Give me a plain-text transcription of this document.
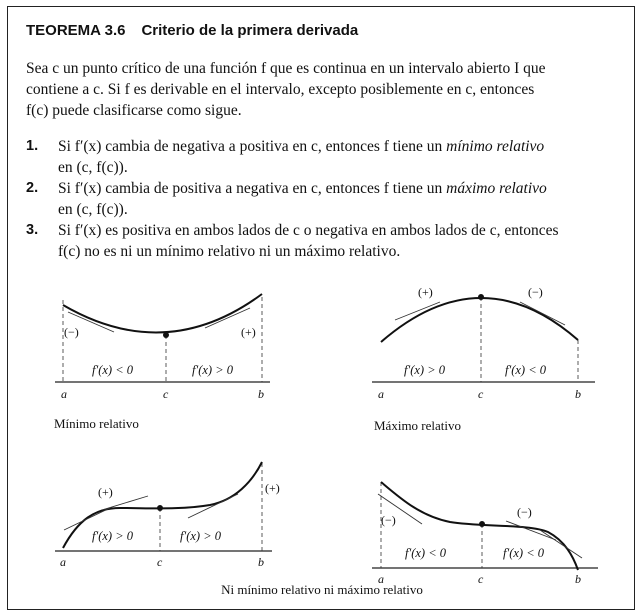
TEOREMA 3.6 Criterio de la primera derivada

Sea c un punto crítico de una función f que es continua en un intervalo abierto I que

contiene a c. Si f es derivable en el intervalo, excepto posiblemente en c, entonces

f(c) puede clasificarse como sigue.

1. Si f′(x) cambia de negativa a positiva en c, entonces f tiene un mínimo relativo
en (c, f(c)).
2. Si f′(x) cambia de positiva a negativa en c, entonces f tiene un máximo relativo
en (c, f(c)).
3. Si f′(x) es positiva en ambos lados de c o negativa en ambos lados de c, entonces
f(c) no es ni un mínimo relativo ni un máximo relativo.
(−)	(+)
f′(x) < 0	f′(x) > 0
a	c	b
Mínimo relativo
(+)	(−)
f′(x) > 0	f′(x) < 0
a	c	b
Máximo relativo
(+)	(+)
f′(x) > 0	f′(x) > 0
a	c	b
(−)
(−)
f′(x) < 0	f′(x) < 0
a	c	b
Ni mínimo relativo ni máximo relativo
